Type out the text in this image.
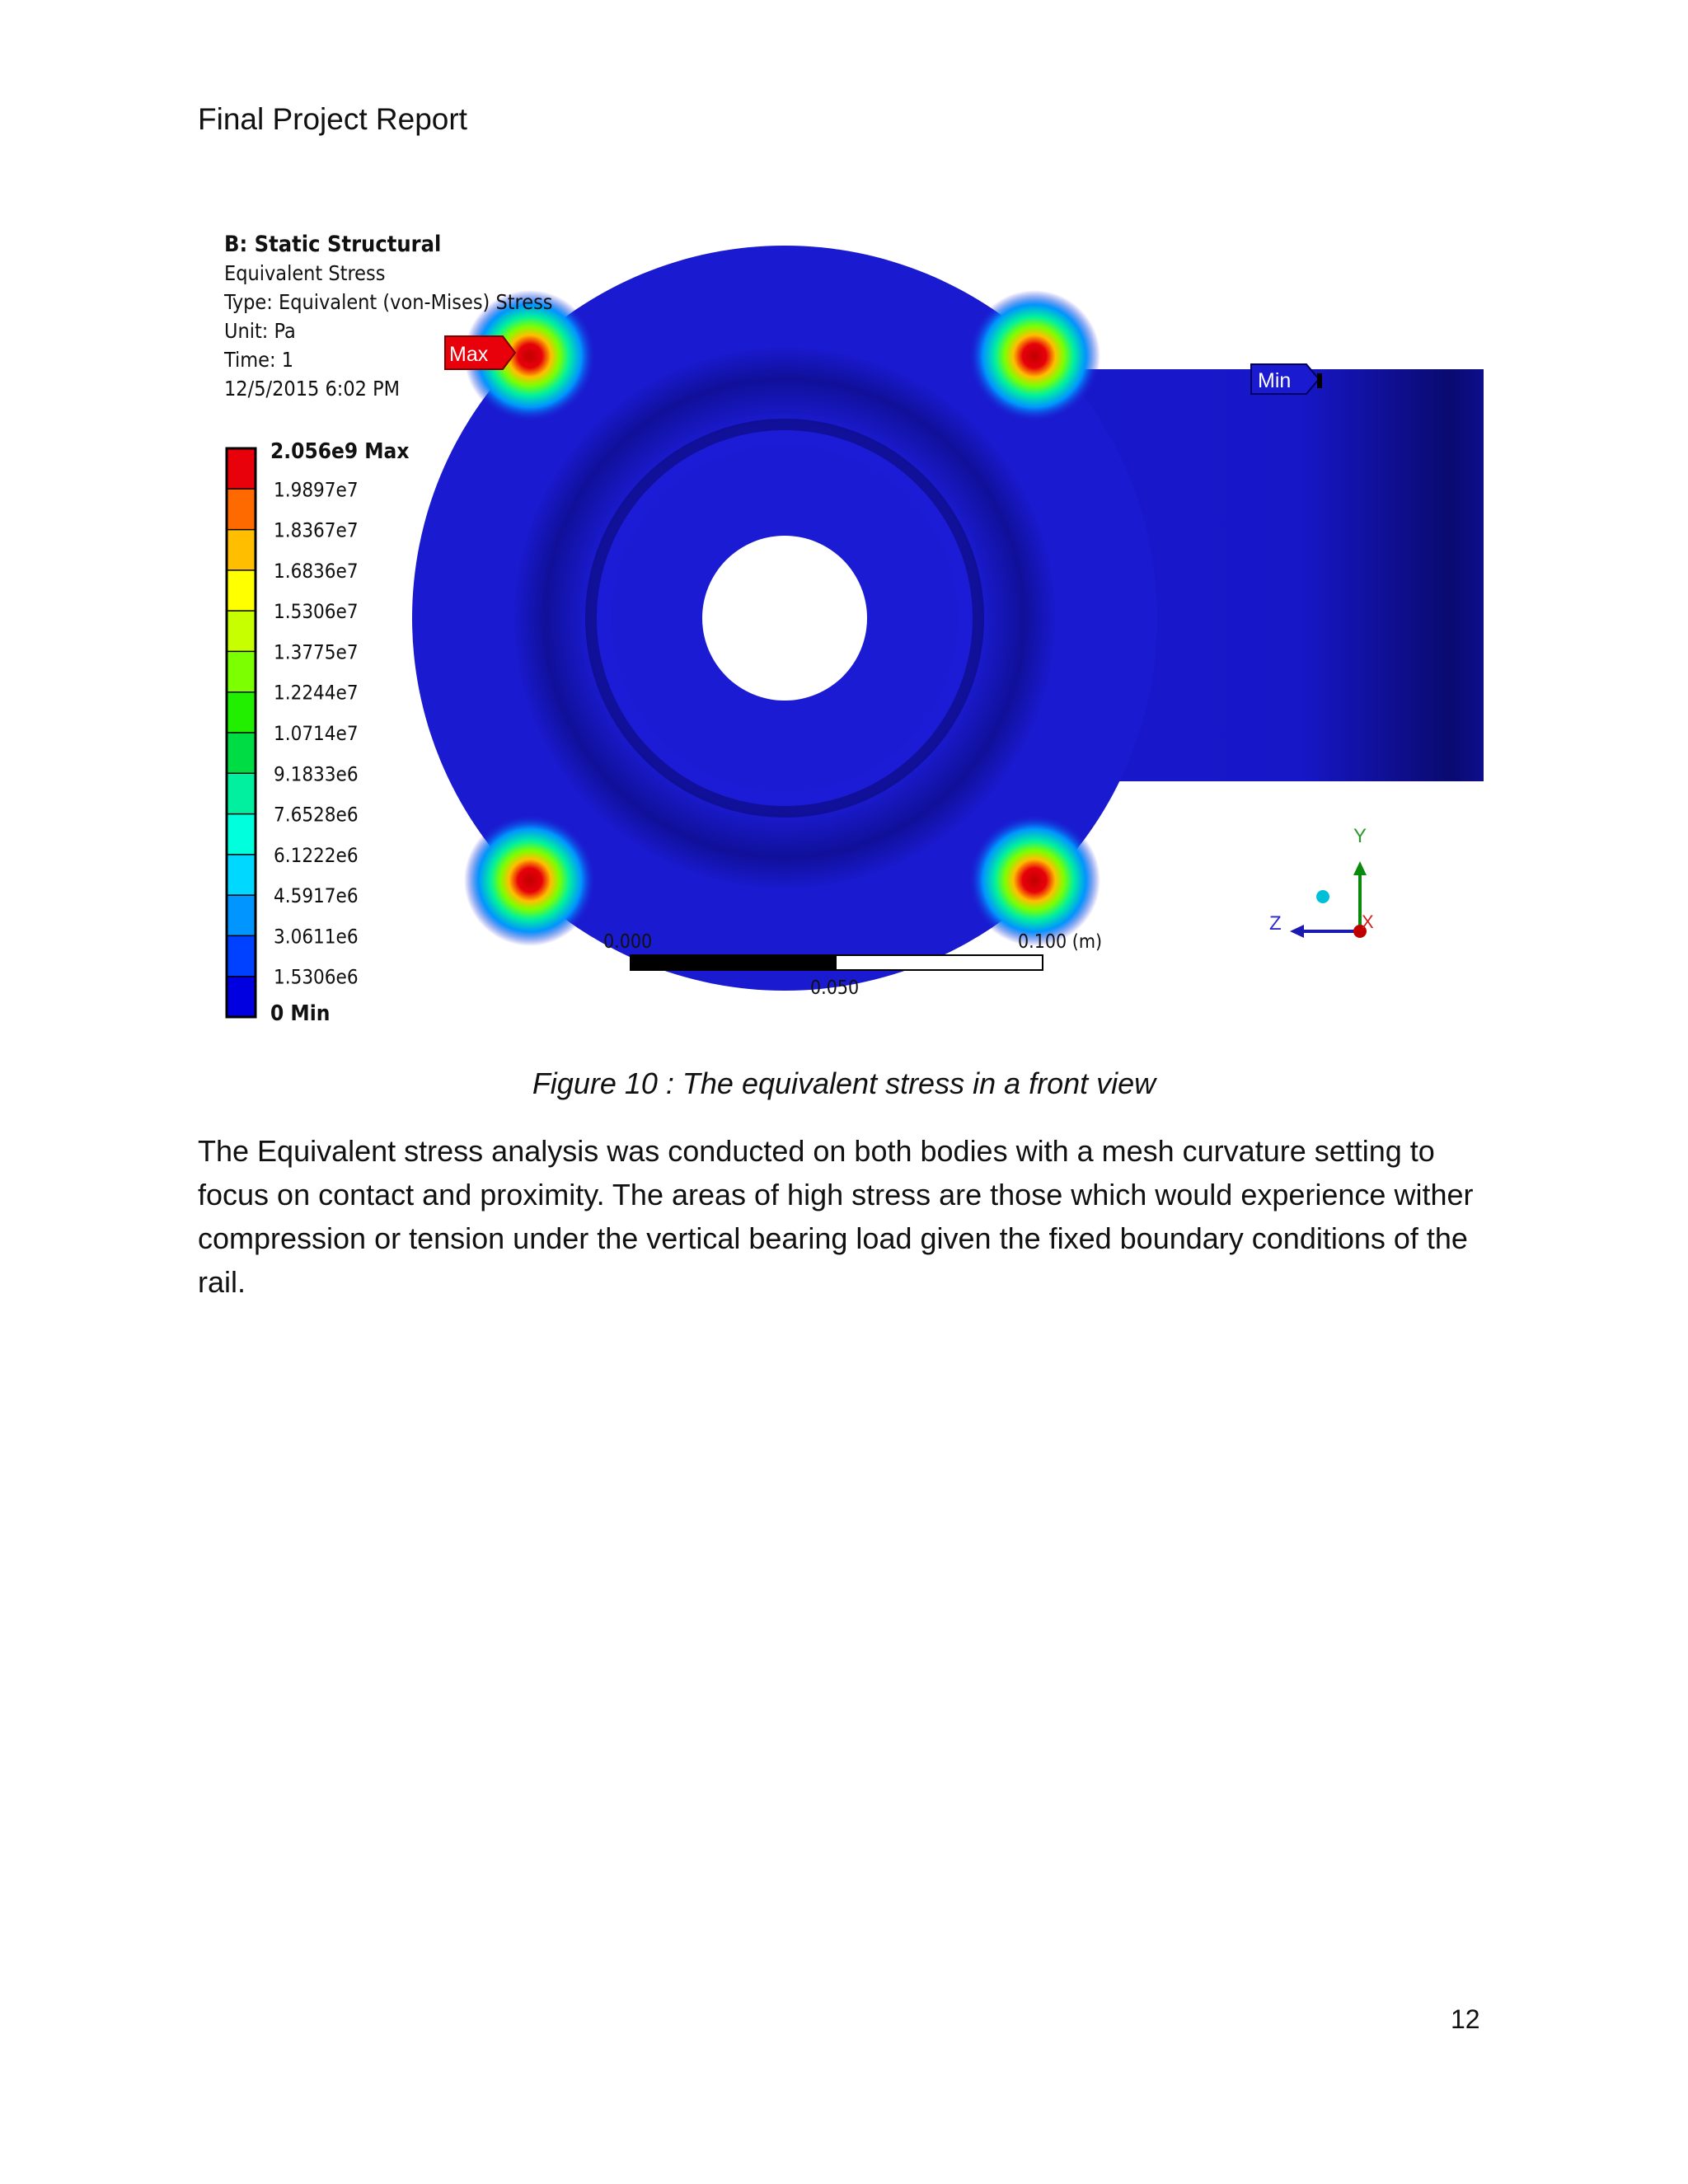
Final Project Report
B: Static Structural
Equivalent Stress
Type: Equivalent (von-Mises) Stress
Unit: Pa
Time: 1
12/5/2015 6:02 PM
2.056e9 Max
1.9897e7
1.8367e7
1.6836e7
1.5306e7
1.3775e7
1.2244e7
1.0714e7
9.1833e6
7.6528e6
6.1222e6
4.5917e6
3.0611e6
1.5306e6
0 Min
Max
Min
0.000
0.050
0.100 (m)
Y
Z	X
Figure 10 : The equivalent stress in a front view
The Equivalent stress analysis was conducted on both bodies with a mesh curvature setting to focus on contact and proximity. The areas of high stress are those which would experience wither compression or tension under the vertical bearing load given the fixed boundary conditions of the rail.
12
